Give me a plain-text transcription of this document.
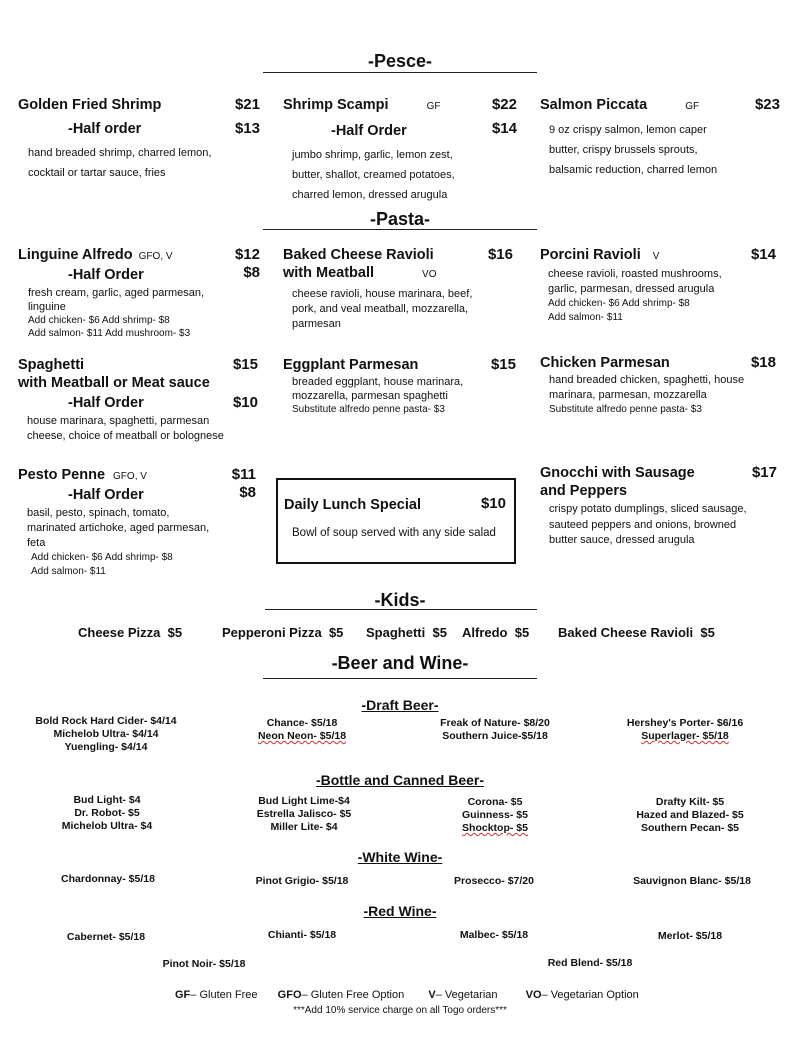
-Pesce-
Golden Fried Shrimp	$21
-Half order	$13
hand breaded shrimp, charred lemon,
cocktail or tartar sauce, fries
Shrimp Scampi	GF	$22
-Half Order	$14
jumbo shrimp, garlic, lemon zest,
butter, shallot, creamed potatoes,
charred lemon, dressed arugula
Salmon Piccata	GF	$23
9 oz crispy salmon, lemon caper
butter, crispy brussels sprouts,
balsamic reduction, charred lemon
-Pasta-
Linguine Alfredo GFO, V	$12
-Half Order	$8
fresh cream, garlic, aged parmesan,
linguine
Add chicken- $6 Add shrimp- $8
Add salmon- $11 Add mushroom- $3
Baked Cheese Ravioli	$16
with Meatball	VO
cheese ravioli, house marinara, beef,
pork, and veal meatball, mozzarella,
parmesan
Porcini Ravioli V	$14
cheese ravioli, roasted mushrooms,
garlic, parmesan, dressed arugula
Add chicken- $6 Add shrimp- $8
Add salmon- $11
Spaghetti	$15
with Meatball or Meat sauce
-Half Order	$10
house marinara, spaghetti, parmesan
cheese, choice of meatball or bolognese
Eggplant Parmesan	$15
breaded eggplant, house marinara,
mozzarella, parmesan spaghetti
Substitute alfredo penne pasta- $3
Chicken Parmesan	$18
hand breaded chicken, spaghetti, house
marinara, parmesan, mozzarella
Substitute alfredo penne pasta- $3
Pesto Penne GFO, V	$11
-Half Order	$8
basil, pesto, spinach, tomato,
marinated artichoke, aged parmesan,
feta
Add chicken- $6 Add shrimp- $8
Add salmon- $11
Daily Lunch Special	$10
Bowl of soup served with any side salad
Gnocchi with Sausage	$17
and Peppers
crispy potato dumplings, sliced sausage,
sauteed peppers and onions, browned
butter sauce, dressed arugula
-Kids-
Cheese Pizza $5	Pepperoni Pizza $5 Spaghetti $5 Alfredo $5 Baked Cheese Ravioli $5
-Beer and Wine-
-Draft Beer-
Bold Rock Hard Cider- $4/14
Michelob Ultra- $4/14
Yuengling- $4/14
Chance- $5/18
Neon Neon- $5/18
Freak of Nature- $8/20
Southern Juice-$5/18
Hershey's Porter- $6/16
Superlager- $5/18
-Bottle and Canned Beer-
Bud Light- $4
Dr. Robot- $5
Michelob Ultra- $4
Bud Light Lime-$4
Estrella Jalisco- $5
Miller Lite- $4
Corona- $5
Guinness- $5
Shocktop- $5
Drafty Kilt- $5
Hazed and Blazed- $5
Southern Pecan- $5
-White Wine-
Chardonnay- $5/18	Pinot Grigio- $5/18	Prosecco- $7/20	Sauvignon Blanc- $5/18
-Red Wine-
Cabernet- $5/18	Chianti- $5/18	Malbec- $5/18	Merlot- $5/18
Pinot Noir- $5/18	Red Blend- $5/18
GF– Gluten Free GFO– Gluten Free Option V– Vegetarian	VO– Vegetarian Option
***Add 10% service charge on all Togo orders***
